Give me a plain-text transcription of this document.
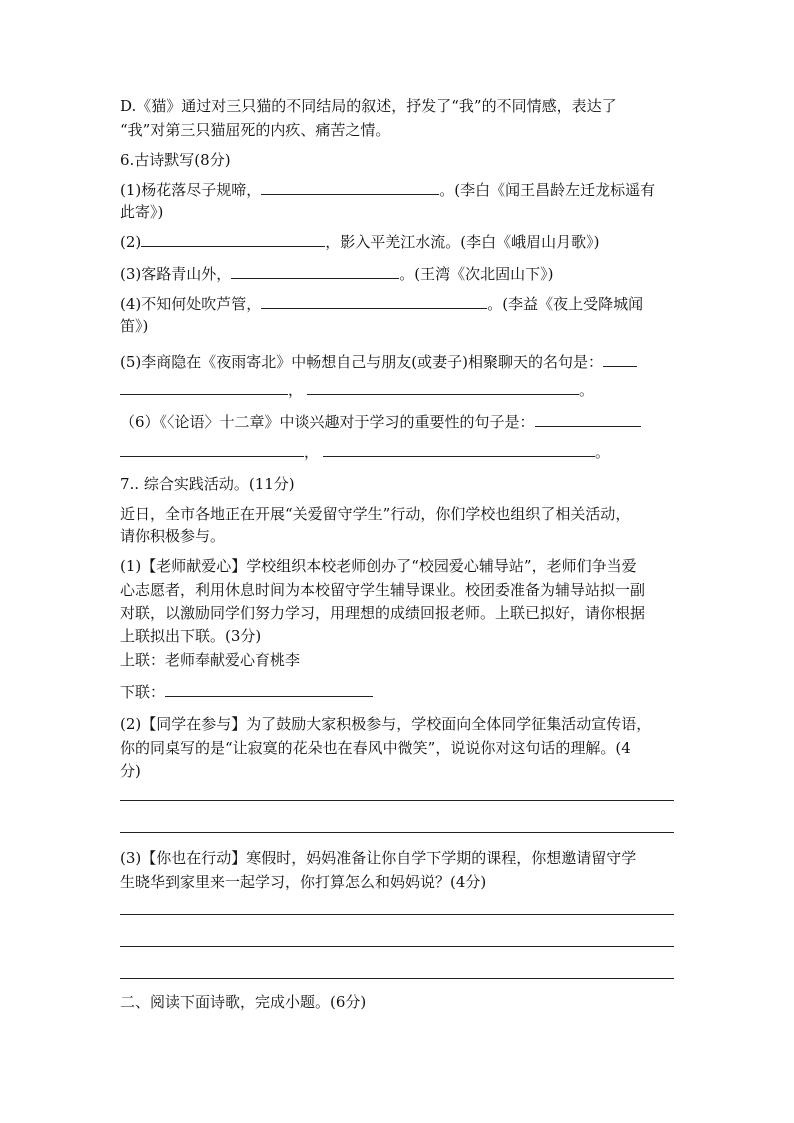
D.《猫》通过对三只猫的不同结局的叙述，抒发了“我”的不同情感，表达了
“我”对第三只猫屈死的内疚、痛苦之情。
6.古诗默写(8分)
(1)杨花落尽子规啼，	。(李白《闻王昌龄左迁龙标遥有
此寄》)
(2)	，影入平羌江水流。(李白《峨眉山月歌》)
(3)客路青山外，	。(王湾《次北固山下》)
(4)不知何处吹芦管，	。(李益《夜上受降城闻
笛》)
(5)李商隐在《夜雨寄北》中畅想自己与朋友(或妻子)相聚聊天的名句是：
，	。
（6）《〈论语〉十二章》中谈兴趣对于学习的重要性的句子是：
，	。
7.. 综合实践活动。(11分)
近日，全市各地正在开展“关爱留守学生”行动，你们学校也组织了相关活动，
请你积极参与。
(1)【老师献爱心】学校组织本校老师创办了“校园爱心辅导站”，老师们争当爱
心志愿者，利用休息时间为本校留守学生辅导课业。校团委准备为辅导站拟一副
对联，以激励同学们努力学习，用理想的成绩回报老师。上联已拟好，请你根据
上联拟出下联。(3分)
上联：老师奉献爱心育桃李
下联：
(2)【同学在参与】为了鼓励大家积极参与，学校面向全体同学征集活动宣传语，
你的同桌写的是“让寂寞的花朵也在春风中微笑”，说说你对这句话的理解。(4
分)
(3)【你也在行动】寒假时，妈妈准备让你自学下学期的课程，你想邀请留守学
生晓华到家里来一起学习，你打算怎么和妈妈说？(4分)
二、阅读下面诗歌，完成小题。(6分)
